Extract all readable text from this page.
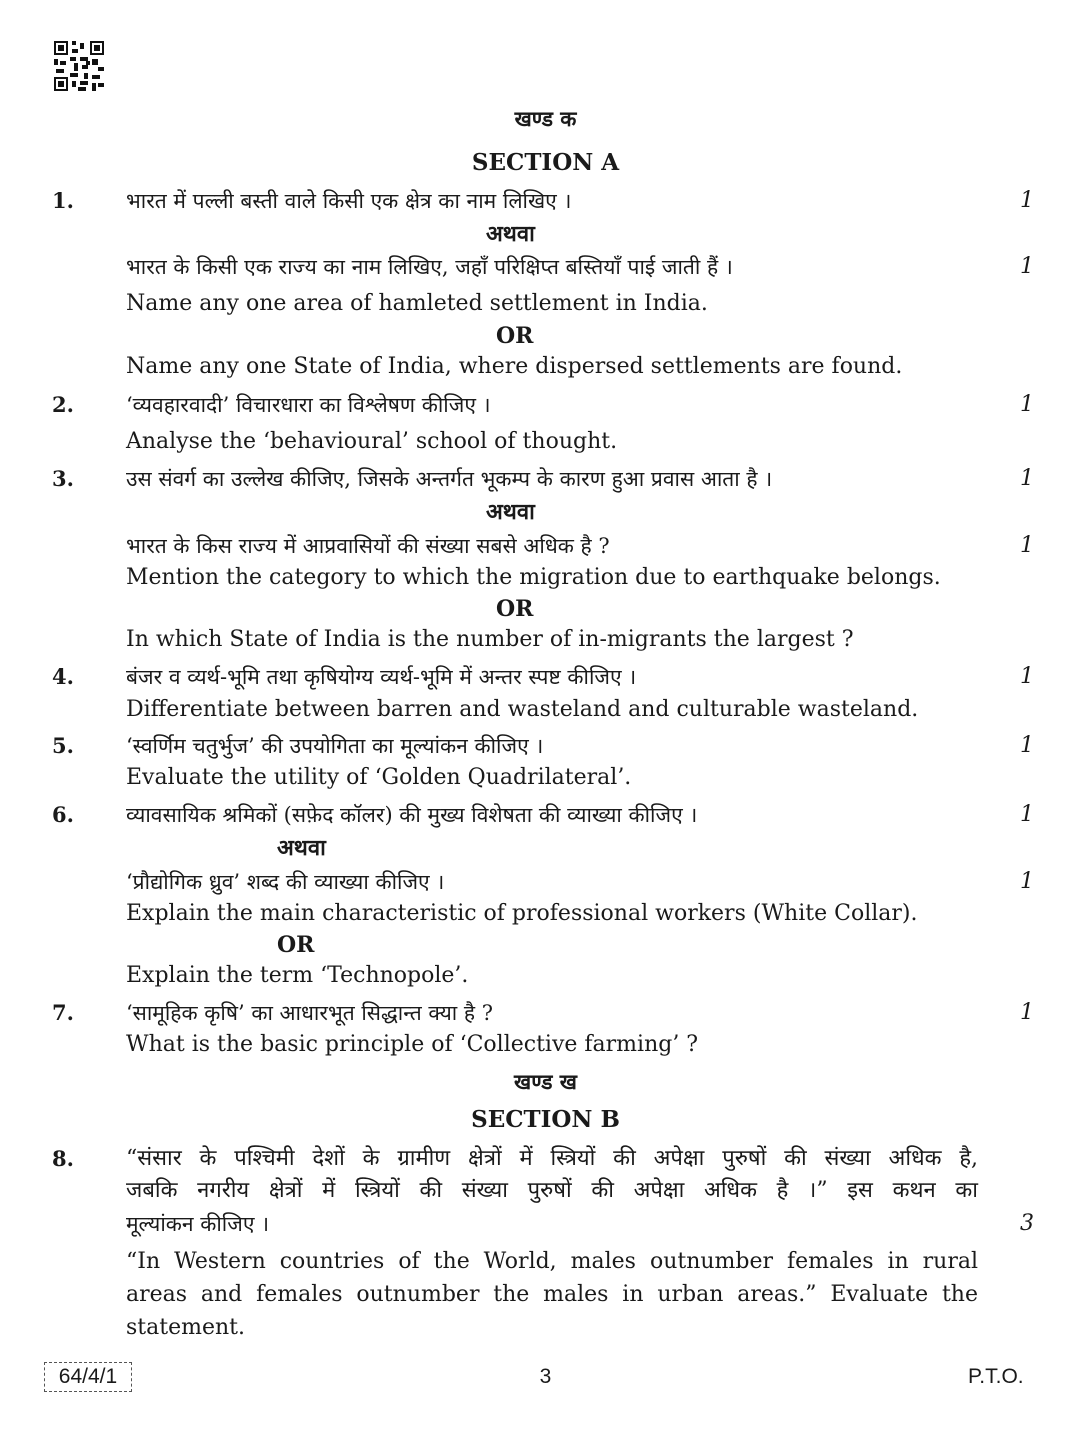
खण्ड क
SECTION A
1. भारत में पल्ली बस्ती वाले किसी एक क्षेत्र का नाम लिखिए ।	1
अथवा
भारत के किसी एक राज्य का नाम लिखिए, जहाँ परिक्षिप्त बस्तियाँ पाई जाती हैं ।	1
Name any one area of hamleted settlement in India.
OR
Name any one State of India, where dispersed settlements are found.
2. ‘व्यवहारवादी’ विचारधारा का विश्लेषण कीजिए ।	1
Analyse the ‘behavioural’ school of thought.
3. उस संवर्ग का उल्लेख कीजिए, जिसके अन्तर्गत भूकम्प के कारण हुआ प्रवास आता है ।	1
अथवा
भारत के किस राज्य में आप्रवासियों की संख्या सबसे अधिक है ?	1
Mention the category to which the migration due to earthquake belongs.
OR
In which State of India is the number of in-migrants the largest ?
4. बंजर व व्यर्थ-भूमि तथा कृषियोग्य व्यर्थ-भूमि में अन्तर स्पष्ट कीजिए ।	1
Differentiate between barren and wasteland and culturable wasteland.
5. ‘स्वर्णिम चतुर्भुज’ की उपयोगिता का मूल्यांकन कीजिए ।	1
Evaluate the utility of ‘Golden Quadrilateral’.
6. व्यावसायिक श्रमिकों (सफ़ेद कॉलर) की मुख्य विशेषता की व्याख्या कीजिए ।	1
अथवा
‘प्रौद्योगिक ध्रुव’ शब्द की व्याख्या कीजिए ।	1
Explain the main characteristic of professional workers (White Collar).
OR
Explain the term ‘Technopole’.
7. ‘सामूहिक कृषि’ का आधारभूत सिद्धान्त क्या है ?	1
What is the basic principle of ‘Collective farming’ ?
खण्ड ख
SECTION B
8. “संसार के पश्चिमी देशों के ग्रामीण क्षेत्रों में स्त्रियों की अपेक्षा पुरुषों की संख्या अधिक है,
जबकि नगरीय क्षेत्रों में स्त्रियों की संख्या पुरुषों की अपेक्षा अधिक है ।” इस कथन का
मूल्यांकन कीजिए ।	3
“In Western countries of the World, males outnumber females in rural
areas and females outnumber the males in urban areas.” Evaluate the
statement.
64/4/1	3	P.T.O.
